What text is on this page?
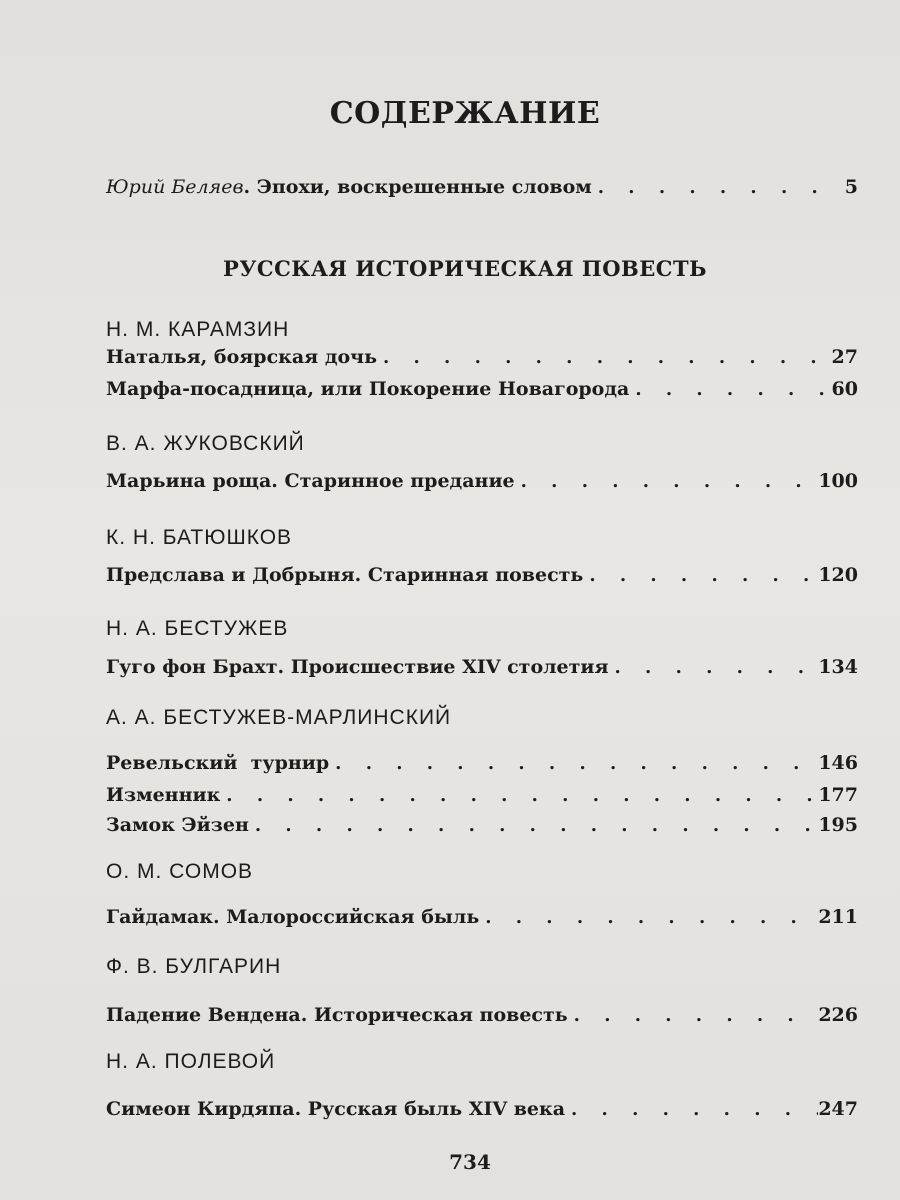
СОДЕРЖАНИЕ
Юрий Беляев. Эпохи, воскрешенные словом . . .	5
РУССКАЯ ИСТОРИЧЕСКАЯ ПОВЕСТЬ
Н. М. КАРАМЗИН
Наталья, боярская дочь . . .	27
Марфа-посадница, или Покорение Новагорода . . .	60
В. А. ЖУКОВСКИЙ
Марьина роща. Старинное предание . . .	100
К. Н. БАТЮШКОВ
Предслава и Добрыня. Старинная повесть . . .	120
Н. А. БЕСТУЖЕВ
Гуго фон Брахт. Происшествие XIV столетия . . .	134
А. А. БЕСТУЖЕВ-МАРЛИНСКИЙ
Ревельский  турнир . . .	146
Изменник . . .	177
Замок Эйзен . . .	195
О. М. СОМОВ
Гайдамак. Малороссийская быль . . .	211
Ф. В. БУЛГАРИН
Падение Вендена. Историческая повесть . . .	226
Н. А. ПОЛЕВОЙ
Симеон Кирдяпа. Русская быль XIV века . . .	247
734
